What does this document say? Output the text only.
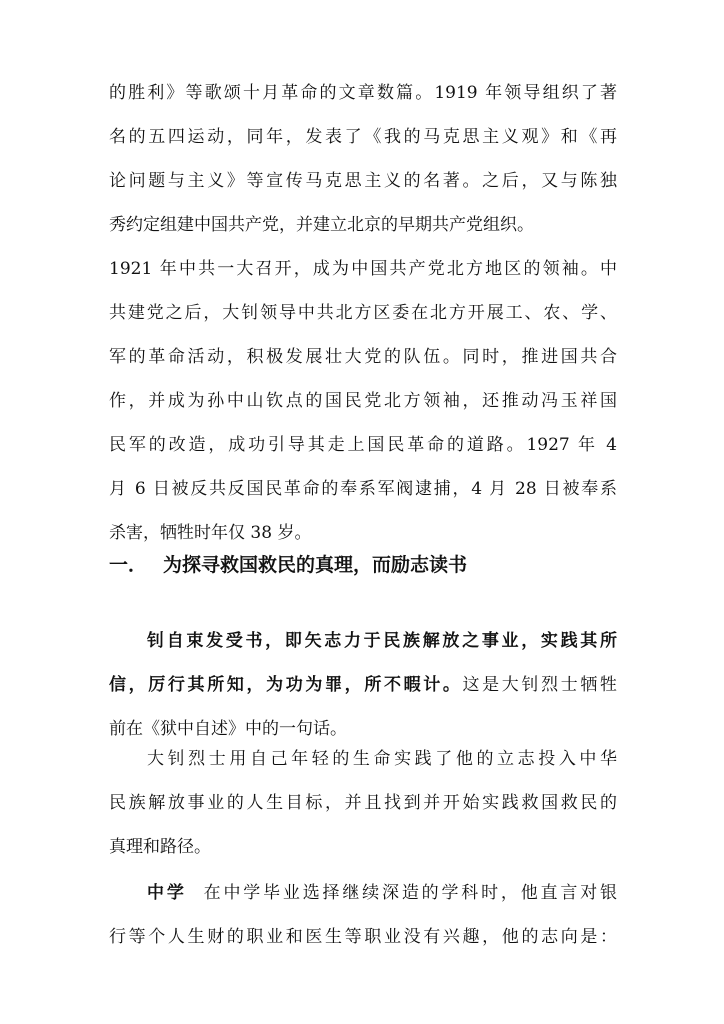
的胜利》等歌颂十月革命的文章数篇。1919 年领导组织了著
名的五四运动，同年，发表了《我的马克思主义观》和《再
论问题与主义》等宣传马克思主义的名著。之后，又与陈独
秀约定组建中国共产党，并建立北京的早期共产党组织。
1921 年中共一大召开，成为中国共产党北方地区的领袖。中
共建党之后，大钊领导中共北方区委在北方开展工、农、学、
军的革命活动，积极发展壮大党的队伍。同时，推进国共合
作，并成为孙中山钦点的国民党北方领袖，还推动冯玉祥国
民军的改造，成功引导其走上国民革命的道路。1927 年 4
月 6 日被反共反国民革命的奉系军阀逮捕，4 月 28 日被奉系
杀害，牺牲时年仅 38 岁。
一． 为探寻救国救民的真理，而励志读书
钊自束发受书，即矢志力于民族解放之事业，实践其所
信，厉行其所知，为功为罪，所不暇计。这是大钊烈士牺牲
前在《狱中自述》中的一句话。
大钊烈士用自己年轻的生命实践了他的立志投入中华
民族解放事业的人生目标，并且找到并开始实践救国救民的
真理和路径。
中学 在中学毕业选择继续深造的学科时，他直言对银
行等个人生财的职业和医生等职业没有兴趣，他的志向是：
